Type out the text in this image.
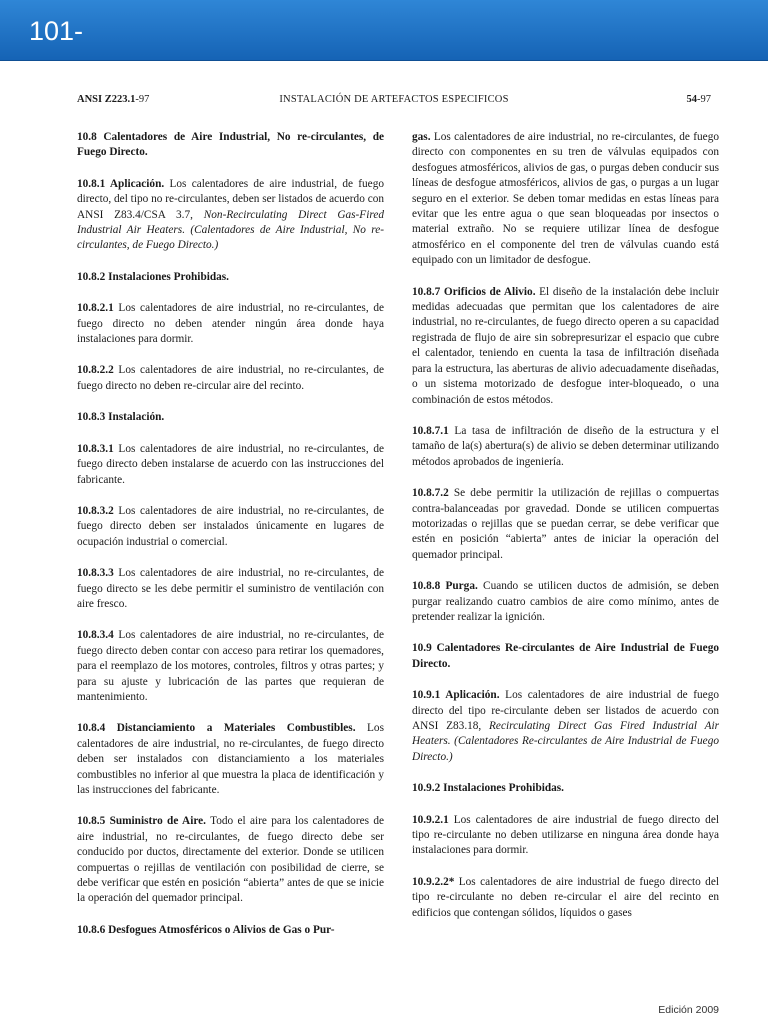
101-
ANSI Z223.1-97	INSTALACIÓN DE ARTEFACTOS ESPECIFICOS	54-97

10.8 Calentadores de Aire Industrial, No re-circulantes, de Fuego Directo.

10.8.1 Aplicación. Los calentadores de aire industrial, de fuego directo, del tipo no re-circulantes, deben ser listados de acuerdo con ANSI Z83.4/CSA 3.7, Non-Recirculating Direct Gas-Fired Industrial Air Heaters. (Calentadores de Aire Industrial, No re-circulantes, de Fuego Directo.)

10.8.2 Instalaciones Prohibidas.

10.8.2.1 Los calentadores de aire industrial, no re-circulantes, de fuego directo no deben atender ningún área donde haya instalaciones para dormir.

10.8.2.2 Los calentadores de aire industrial, no re-circulantes, de fuego directo no deben re-circular aire del recinto.

10.8.3 Instalación.

10.8.3.1 Los calentadores de aire industrial, no re-circulantes, de fuego directo deben instalarse de acuerdo con las instrucciones del fabricante.

10.8.3.2 Los calentadores de aire industrial, no re-circulantes, de fuego directo deben ser instalados únicamente en lugares de ocupación industrial o comercial.

10.8.3.3 Los calentadores de aire industrial, no re-circulantes, de fuego directo se les debe permitir el suministro de ventilación con aire fresco.

10.8.3.4 Los calentadores de aire industrial, no re-circulantes, de fuego directo deben contar con acceso para retirar los quemadores, para el reemplazo de los motores, controles, filtros y otras partes; y para su ajuste y lubricación de las partes que requieran de mantenimiento.

10.8.4 Distanciamiento a Materiales Combustibles. Los calentadores de aire industrial, no re-circulantes, de fuego directo deben ser instalados con distanciamiento a los materiales combustibles no inferior al que muestra la placa de identificación y las instrucciones del fabricante.

10.8.5 Suministro de Aire. Todo el aire para los calentadores de aire industrial, no re-circulantes, de fuego directo debe ser conducido por ductos, directamente del exterior. Donde se utilicen compuertas o rejillas de ventilación con posibilidad de cierre, se debe verificar que estén en posición “abierta” antes de que se inicie la operación del quemador principal.

10.8.6 Desfogues Atmosféricos o Alivios de Gas o Pur-

gas. Los calentadores de aire industrial, no re-circulantes, de fuego directo con componentes en su tren de válvulas equipados con desfogues atmosféricos, alivios de gas, o purgas deben conducir sus líneas de desfogue atmosféricos, alivios de gas, o purgas a un lugar seguro en el exterior. Se deben tomar medidas en estas líneas para evitar que les entre agua o que sean bloqueadas por insectos o material extraño. No se requiere utilizar línea de desfogue atmosférico en el componente del tren de válvulas cuando está equipado con un limitador de desfogue.

10.8.7 Orificios de Alivio. El diseño de la instalación debe incluir medidas adecuadas que permitan que los calentadores de aire industrial, no re-circulantes, de fuego directo operen a su capacidad registrada de flujo de aire sin sobrepresurizar el espacio que cubre el calentador, teniendo en cuenta la tasa de infiltración diseñada para la estructura, las aberturas de alivio adecuadamente diseñadas, o un sistema motorizado de desfogue inter-bloqueado, o una combinación de estos métodos.

10.8.7.1 La tasa de infiltración de diseño de la estructura y el tamaño de la(s) abertura(s) de alivio se deben determinar utilizando métodos aprobados de ingeniería.

10.8.7.2 Se debe permitir la utilización de rejillas o compuertas contra-balanceadas por gravedad. Donde se utilicen compuertas motorizadas o rejillas que se puedan cerrar, se debe verificar que estén en posición “abierta” antes de iniciar la operación del quemador principal.

10.8.8 Purga. Cuando se utilicen ductos de admisión, se deben purgar realizando cuatro cambios de aire como mínimo, antes de pretender realizar la ignición.

10.9 Calentadores Re-circulantes de Aire Industrial de Fuego Directo.

10.9.1 Aplicación. Los calentadores de aire industrial de fuego directo del tipo re-circulante deben ser listados de acuerdo con ANSI Z83.18, Recirculating Direct Gas Fired Industrial Air Heaters. (Calentadores Re-circulantes de Aire Industrial de Fuego Directo.)

10.9.2 Instalaciones Prohibidas.

10.9.2.1 Los calentadores de aire industrial de fuego directo del tipo re-circulante no deben utilizarse en ninguna área donde haya instalaciones para dormir.

10.9.2.2* Los calentadores de aire industrial de fuego directo del tipo re-circulante no deben re-circular el aire del recinto en edificios que contengan sólidos, líquidos o gases

Edición 2009
